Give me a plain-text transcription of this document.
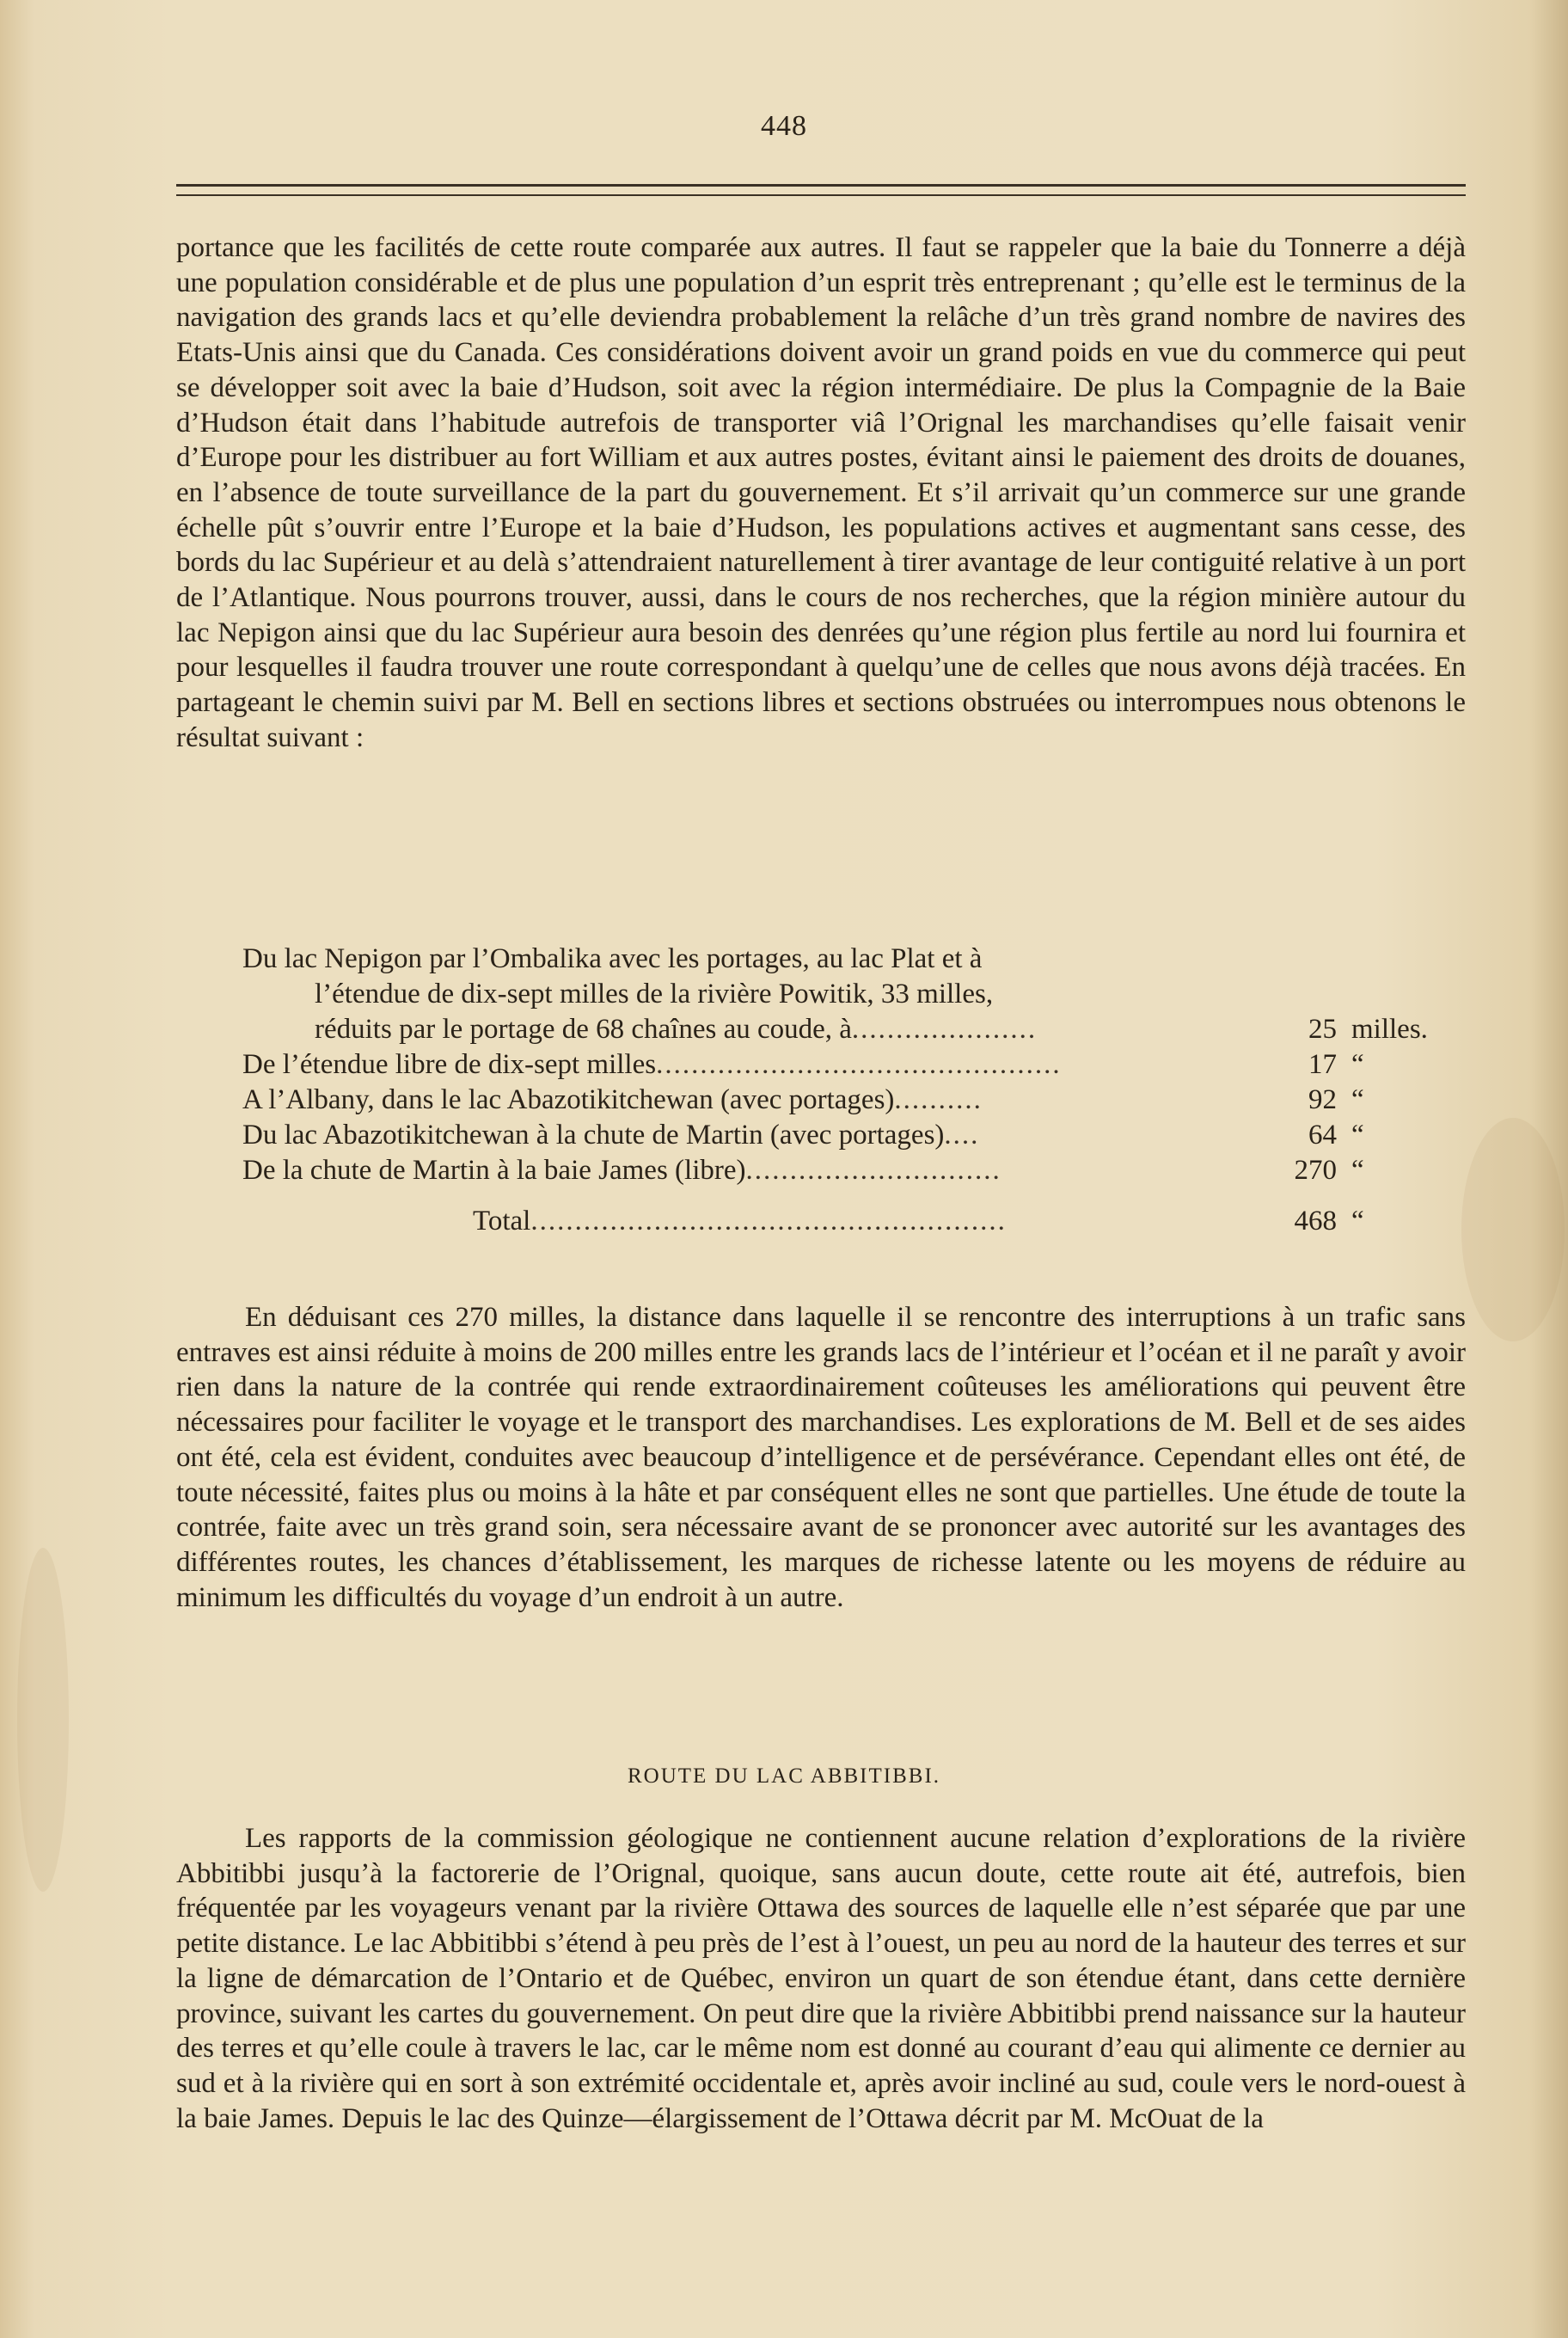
448

portance que les facilités de cette route comparée aux autres. Il faut se rappeler que la baie du Tonnerre a déjà une population considérable et de plus une population d’un esprit très entreprenant ; qu’elle est le terminus de la navigation des grands lacs et qu’elle deviendra probablement la relâche d’un très grand nombre de navires des Etats-Unis ainsi que du Canada. Ces considérations doivent avoir un grand poids en vue du commerce qui peut se développer soit avec la baie d’Hudson, soit avec la région intermédiaire. De plus la Compagnie de la Baie d’Hudson était dans l’habitude autrefois de transporter viâ l’Orignal les marchandises qu’elle faisait venir d’Europe pour les distribuer au fort William et aux autres postes, évitant ainsi le paiement des droits de douanes, en l’absence de toute surveillance de la part du gouvernement. Et s’il arrivait qu’un commerce sur une grande échelle pût s’ouvrir entre l’Europe et la baie d’Hudson, les populations actives et augmentant sans cesse, des bords du lac Supérieur et au delà s’attendraient naturellement à tirer avantage de leur contiguité relative à un port de l’Atlantique. Nous pourrons trouver, aussi, dans le cours de nos recherches, que la région minière autour du lac Nepigon ainsi que du lac Supérieur aura besoin des denrées qu’une région plus fertile au nord lui fournira et pour lesquelles il faudra trouver une route correspondant à quelqu’une de celles que nous avons déjà tracées. En partageant le chemin suivi par M. Bell en sections libres et sections obstruées ou interrompues nous obtenons le résultat suivant :

Du lac Nepigon par l’Ombalika avec les portages, au lac Plat et à
l’étendue de dix-sept milles de la rivière Powitik, 33 milles,
réduits par le portage de 68 chaînes au coude, à.....................	25 milles.
De l’étendue libre de dix-sept milles..............................................	17 “
A l’Albany, dans le lac Abazotikitchewan (avec portages)..........	92 “
Du lac Abazotikitchewan à la chute de Martin (avec portages)....	64 “
De la chute de Martin à la baie James (libre).............................	270 “
Total......................................................	468 “

En déduisant ces 270 milles, la distance dans laquelle il se rencontre des interruptions à un trafic sans entraves est ainsi réduite à moins de 200 milles entre les grands lacs de l’intérieur et l’océan et il ne paraît y avoir rien dans la nature de la contrée qui rende extraordinairement coûteuses les améliorations qui peuvent être nécessaires pour faciliter le voyage et le transport des marchandises. Les explorations de M. Bell et de ses aides ont été, cela est évident, conduites avec beaucoup d’intelligence et de persévérance. Cependant elles ont été, de toute nécessité, faites plus ou moins à la hâte et par conséquent elles ne sont que partielles. Une étude de toute la contrée, faite avec un très grand soin, sera nécessaire avant de se prononcer avec autorité sur les avantages des différentes routes, les chances d’établissement, les marques de richesse latente ou les moyens de réduire au minimum les difficultés du voyage d’un endroit à un autre.

ROUTE DU LAC ABBITIBBI.

Les rapports de la commission géologique ne contiennent aucune relation d’explorations de la rivière Abbitibbi jusqu’à la factorerie de l’Orignal, quoique, sans aucun doute, cette route ait été, autrefois, bien fréquentée par les voyageurs venant par la rivière Ottawa des sources de laquelle elle n’est séparée que par une petite distance. Le lac Abbitibbi s’étend à peu près de l’est à l’ouest, un peu au nord de la hauteur des terres et sur la ligne de démarcation de l’Ontario et de Québec, environ un quart de son étendue étant, dans cette dernière province, suivant les cartes du gouvernement. On peut dire que la rivière Abbitibbi prend naissance sur la hauteur des terres et qu’elle coule à travers le lac, car le même nom est donné au courant d’eau qui alimente ce dernier au sud et à la rivière qui en sort à son extrémité occidentale et, après avoir incliné au sud, coule vers le nord-ouest à la baie James. Depuis le lac des Quinze—élargissement de l’Ottawa décrit par M. McOuat de la
